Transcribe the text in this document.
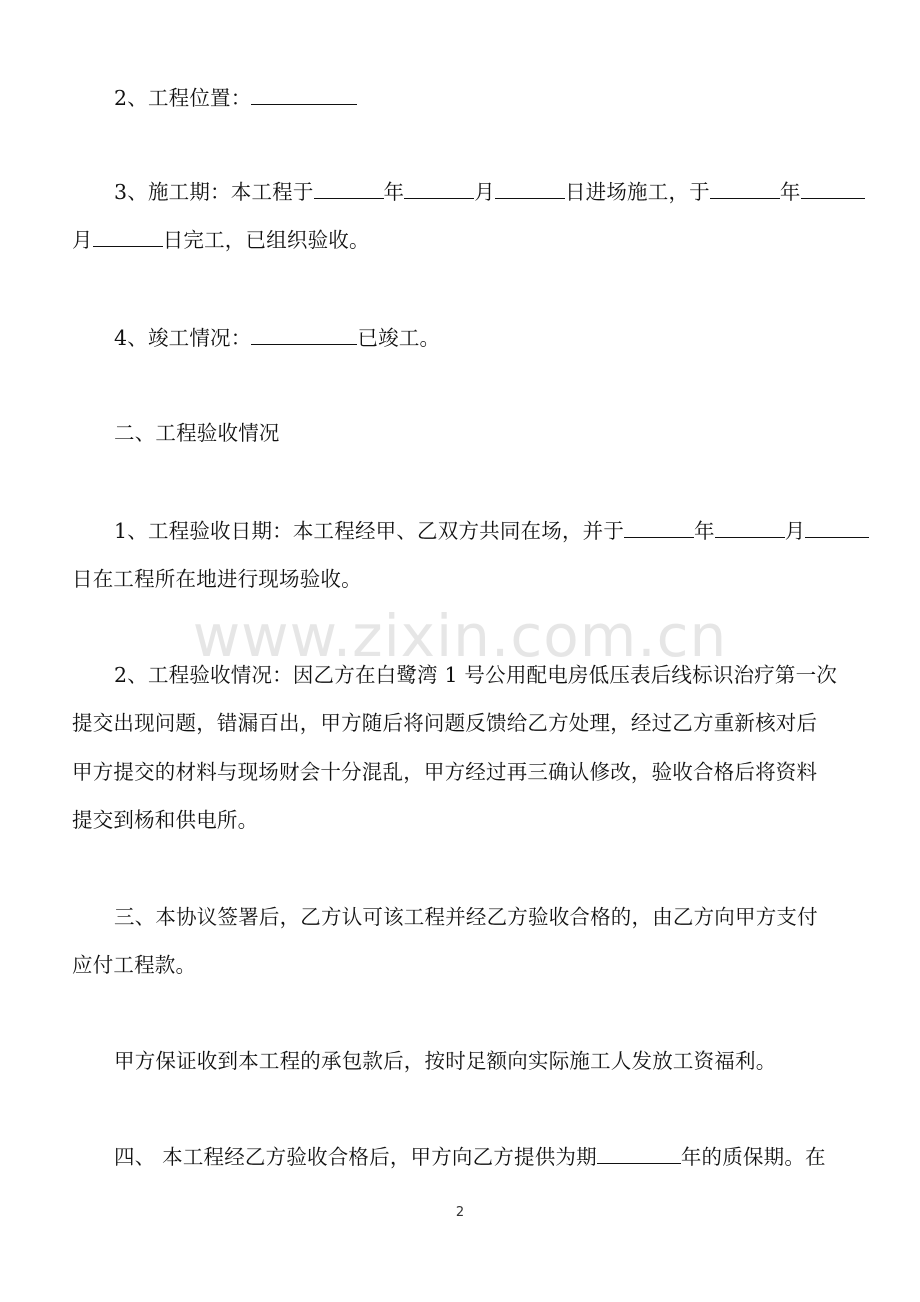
www.zixin.com.cn
2、工程位置：
3、施工期：本工程于	年	月	日进场施工，于	年
月	日完工，已组织验收。
4、竣工情况：	已竣工。
二、工程验收情况
1、工程验收日期：本工程经甲、乙双方共同在场，并于	年	月
日在工程所在地进行现场验收。
2、工程验收情况：因乙方在白鹭湾 1 号公用配电房低压表后线标识治疗第一次
提交出现问题，错漏百出，甲方随后将问题反馈给乙方处理，经过乙方重新核对后
甲方提交的材料与现场财会十分混乱，甲方经过再三确认修改，验收合格后将资料
提交到杨和供电所。
三、本协议签署后，乙方认可该工程并经乙方验收合格的，由乙方向甲方支付
应付工程款。
甲方保证收到本工程的承包款后，按时足额向实际施工人发放工资福利。
四、 本工程经乙方验收合格后，甲方向乙方提供为期	年的质保期。在
2
